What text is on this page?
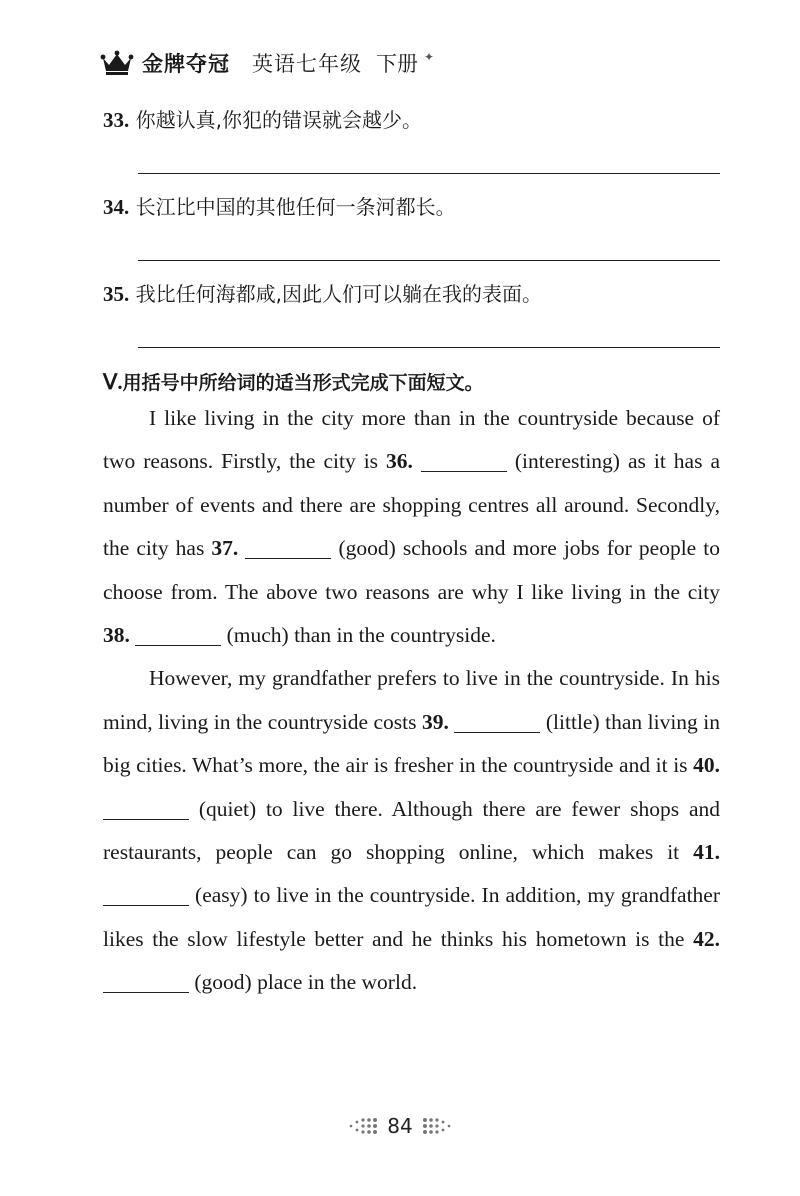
金牌夺冠 英语七年级 下册 ✦
33. 你越认真,你犯的错误就会越少。
34. 长江比中国的其他任何一条河都长。
35. 我比任何海都咸,因此人们可以躺在我的表面。
Ⅴ.用括号中所给词的适当形式完成下面短文。

I like living in the city more than in the countryside because of two reasons. Firstly, the city is 36.	(interesting) as it has a number of events and there are shopping centres all around. Secondly, the city has 37.	(good) schools and more jobs for people to choose from. The above two reasons are why I like living in the city 38.	(much) than in the countryside.

However, my grandfather prefers to live in the countryside. In his mind, living in the countryside costs 39.	(little) than living in big cities. What’s more, the air is fresher in the countryside and it is 40.  (quiet) to live there. Although there are fewer shops and restaurants, people can go shopping online, which makes it 41.  (easy) to live in the countryside. In addition, my grandfather likes the slow lifestyle better and he thinks his hometown is the 42.  (good) place in the world.

84
